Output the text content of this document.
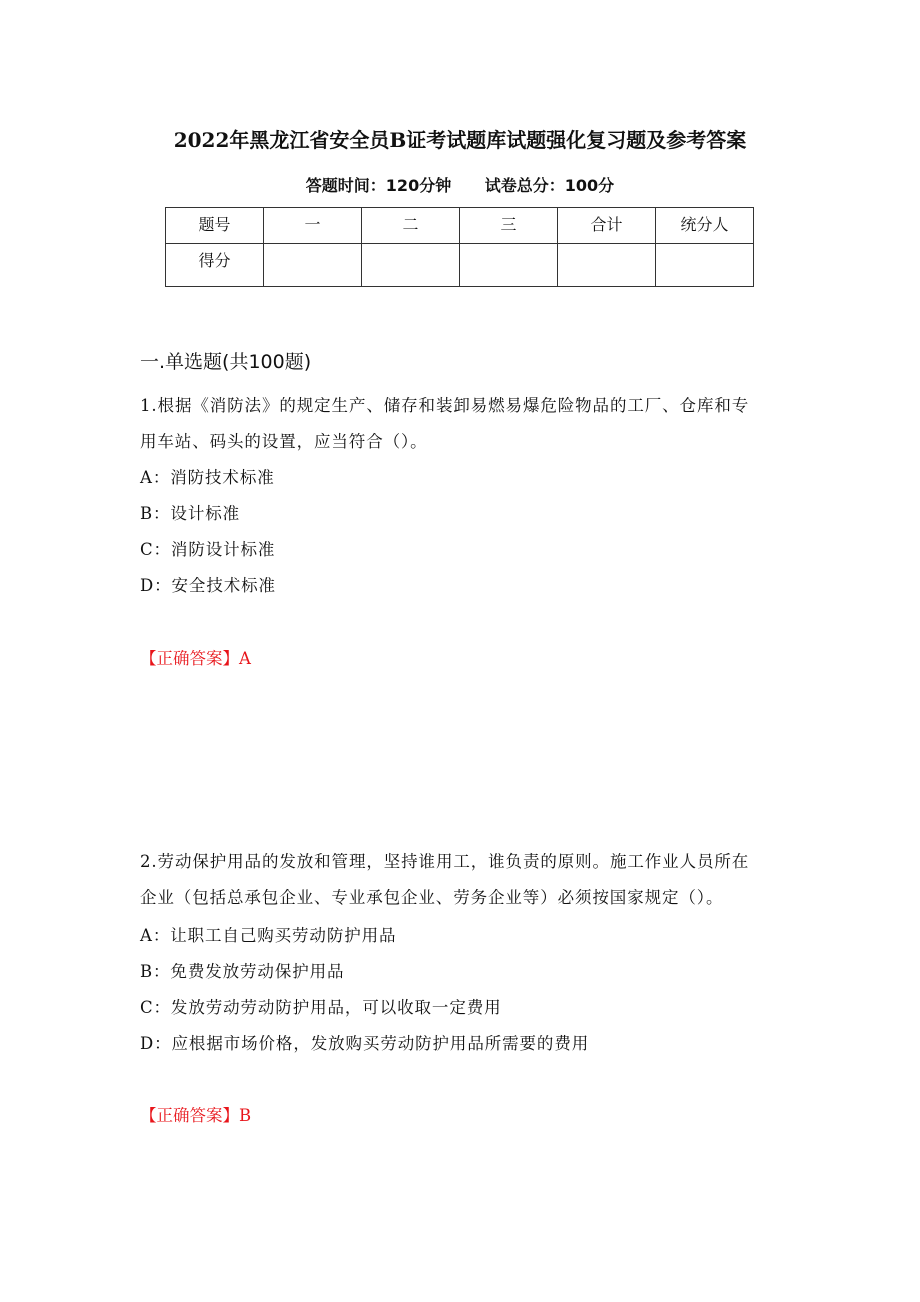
2022年黑龙江省安全员B证考试题库试题强化复习题及参考答案
答题时间：120分钟 试卷总分：100分
题号	一	二	三	合计	统分人
得分					
一.单选题(共100题)
1.根据《消防法》的规定生产、储存和装卸易燃易爆危险物品的工厂、仓库和专
用车站、码头的设置，应当符合（）。
A：消防技术标准
B：设计标准
C：消防设计标准
D：安全技术标准
【正确答案】A
2.劳动保护用品的发放和管理，坚持谁用工，谁负责的原则。施工作业人员所在
企业（包括总承包企业、专业承包企业、劳务企业等）必须按国家规定（）。
A：让职工自己购买劳动防护用品
B：免费发放劳动保护用品
C：发放劳动劳动防护用品，可以收取一定费用
D：应根据市场价格，发放购买劳动防护用品所需要的费用
【正确答案】B
